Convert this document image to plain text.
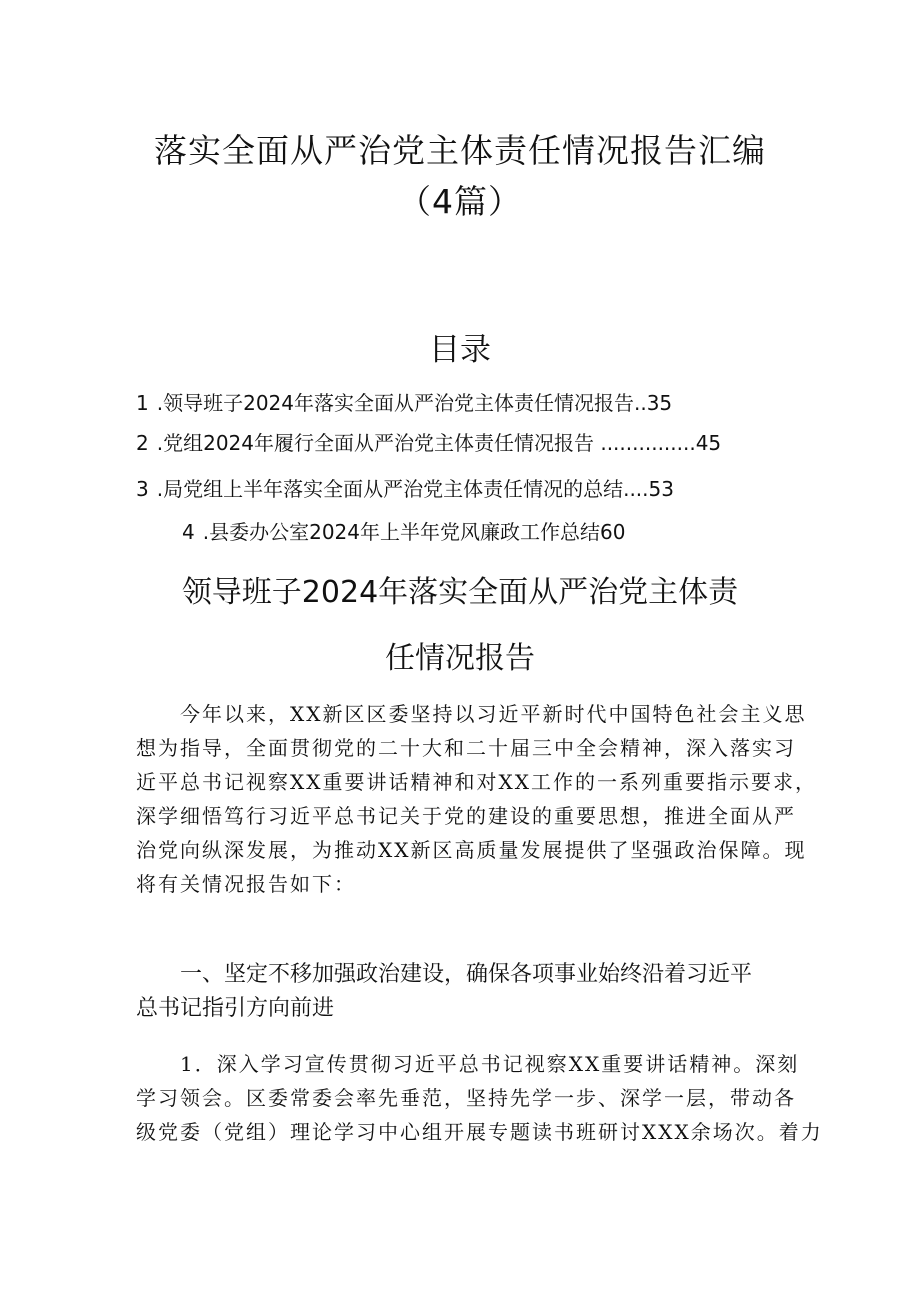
落实全面从严治党主体责任情况报告汇编
（4篇）
目录
1 .领导班子2024年落实全面从严治党主体责任情况报告..35
2 .党组2024年履行全面从严治党主体责任情况报告 ...............45
3 .局党组上半年落实全面从严治党主体责任情况的总结....53
4 .县委办公室2024年上半年党风廉政工作总结60
领导班子2024年落实全面从严治党主体责
任情况报告
　　今年以来，XX新区区委坚持以习近平新时代中国特色社会主义思
想为指导，全面贯彻党的二十大和二十届三中全会精神，深入落实习
近平总书记视察XX重要讲话精神和对XX工作的一系列重要指示要求，
深学细悟笃行习近平总书记关于党的建设的重要思想，推进全面从严
治党向纵深发展，为推动XX新区高质量发展提供了坚强政治保障。现
将有关情况报告如下：
　　一、坚定不移加强政治建设，确保各项事业始终沿着习近平
总书记指引方向前进
　　1．深入学习宣传贯彻习近平总书记视察XX重要讲话精神。深刻
学习领会。区委常委会率先垂范，坚持先学一步、深学一层，带动各
级党委（党组）理论学习中心组开展专题读书班研讨XXX余场次。着力
